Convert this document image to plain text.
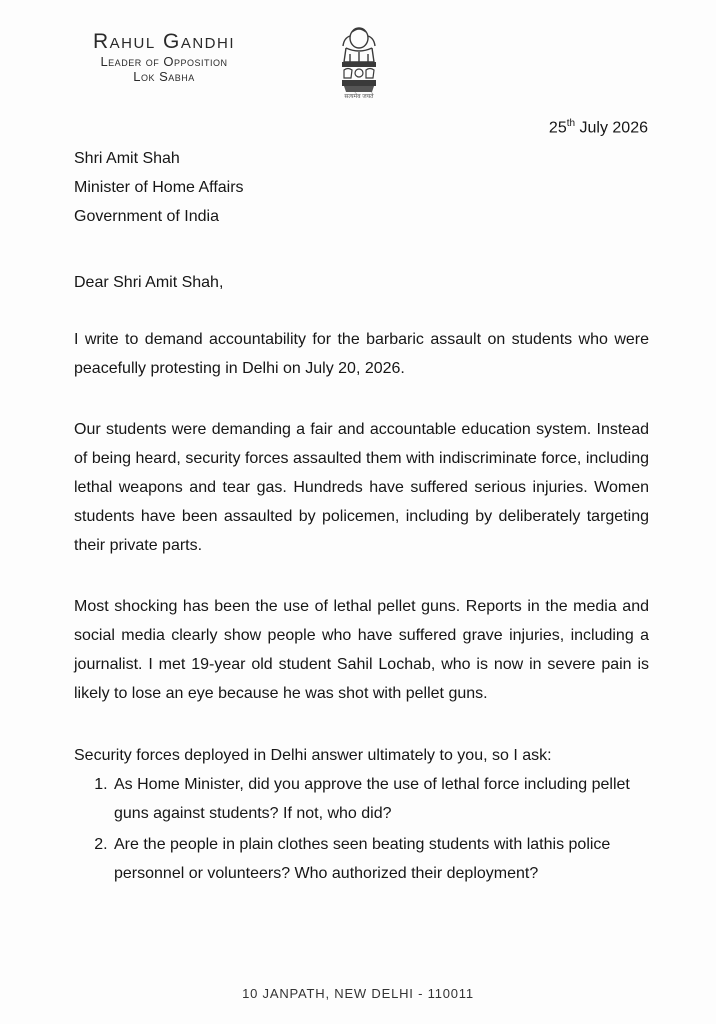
Rahul Gandhi
Leader of Opposition
Lok Sabha
सत्यमेव जयते
25th July 2026
Shri Amit Shah
Minister of Home Affairs
Government of India
Dear Shri Amit Shah,
I write to demand accountability for the barbaric assault on students who were peacefully protesting in Delhi on July 20, 2026.
Our students were demanding a fair and accountable education system. Instead of being heard, security forces assaulted them with indiscriminate force, including lethal weapons and tear gas. Hundreds have suffered serious injuries. Women students have been assaulted by policemen, including by deliberately targeting their private parts.
Most shocking has been the use of lethal pellet guns. Reports in the media and social media clearly show people who have suffered grave injuries, including a journalist. I met 19-year old student Sahil Lochab, who is now in severe pain is likely to lose an eye because he was shot with pellet guns.
Security forces deployed in Delhi answer ultimately to you, so I ask:
1. As Home Minister, did you approve the use of lethal force including pellet guns against students? If not, who did?
2. Are the people in plain clothes seen beating students with lathis police personnel or volunteers? Who authorized their deployment?
10 JANPATH, NEW DELHI - 110011
